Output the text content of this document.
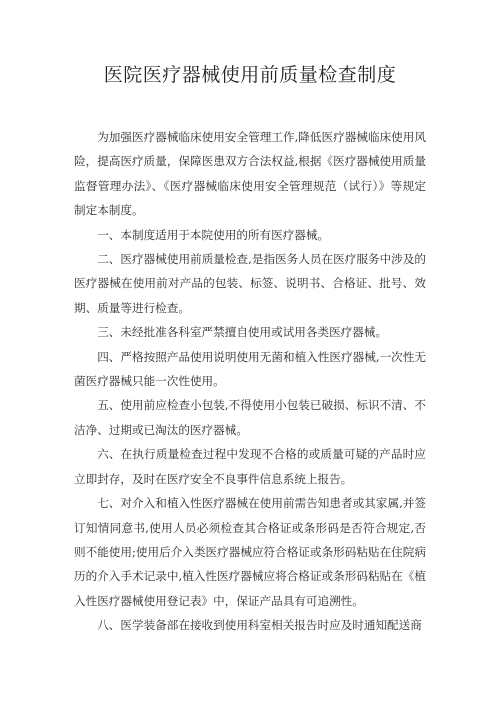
医院医疗器械使用前质量检查制度

为加强医疗器械临床使用安全管理工作,降低医疗器械临床使用风险，提高医疗质量，保障医患双方合法权益,根据《医疗器械使用质量监督管理办法》、《医疗器械临床使用安全管理规范（试行）》等规定制定本制度。

一、本制度适用于本院使用的所有医疗器械。

二、医疗器械使用前质量检查,是指医务人员在医疗服务中涉及的医疗器械在使用前对产品的包装、标签、说明书、合格证、批号、效期、质量等进行检查。

三、未经批准各科室严禁擅自使用或试用各类医疗器械。

四、严格按照产品使用说明使用无菌和植入性医疗器械,一次性无菌医疗器械只能一次性使用。

五、使用前应检查小包装,不得使用小包装已破损、标识不清、不洁净、过期或已淘汰的医疗器械。

六、在执行质量检查过程中发现不合格的或质量可疑的产品时应立即封存，及时在医疗安全不良事件信息系统上报告。

七、对介入和植入性医疗器械在使用前需告知患者或其家属,并签订知情同意书,使用人员必须检查其合格证或条形码是否符合规定,否则不能使用;使用后介入类医疗器械应符合格证或条形码粘贴在住院病历的介入手术记录中,植入性医疗器械应将合格证或条形码粘贴在《植入性医疗器械使用登记表》中，保证产品具有可追溯性。

八、医学装备部在接收到使用科室相关报告时应及时通知配送商
